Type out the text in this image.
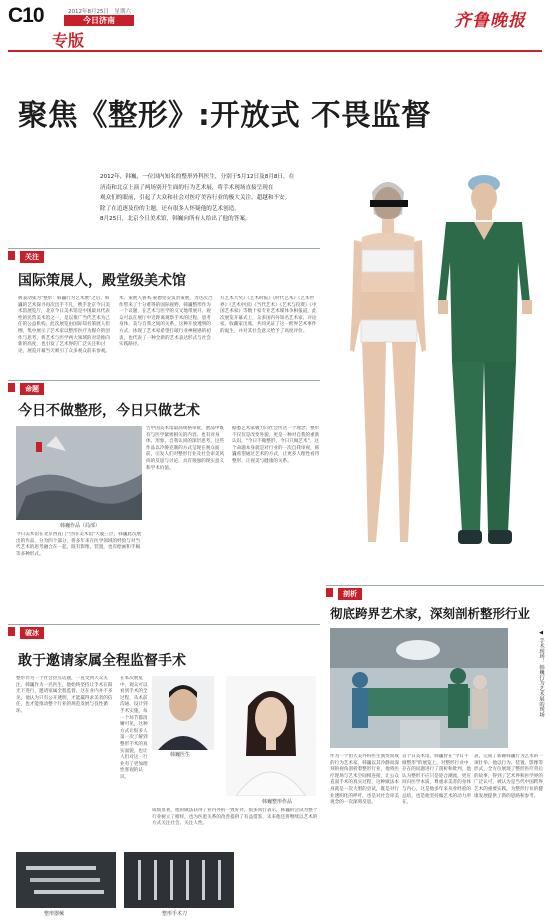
C10	2012年8月25日　星期六
今日济南
专版
齐鲁晚报
聚焦《整形》:开放式 不畏监督
2012年，韩巍，一位国内知名的整形外科医生，分别于5月12日及8月8日，在
济南和北京上演了两场别开生面的行为艺术展，将手术现场直接呈现在
观众们的眼前，引起了大众和社会对医疗美容行业的极大关注、超越和不安。
除了在追逐及份的主题，还有很多人怀疑他的艺术创造。
8月25日，北京今日美术馆，韩巍向所有人给出了他的答案。
关注
国际策展人，殿堂级美术馆
被表动张为"整形：韩巍行为艺术展"之后，韩巍的艺术探寻再次出手不凡，携手北京今日美术馆展览厅，北京今日美术馆是中国最具代表性的民营美术馆之一，是以推广当代艺术为己任的公益机构。此次展览由国际知名策展人担纲，集中展示了艺术家以整形医疗为媒介的创作与思考，将艺术与医学两大领域的对话推向新的高度，也引发了艺术界的广泛关注和讨论，展览开幕当天吸引了众多观众前来参观。
术、策展人鲁本·蒙德里安负责策展，为这次合作带来了十分难得的国际视野，韩巍整形作为一个议题，在艺术与医学的交叉地带展开，观众可以在展厅中近距离观察手术的过程，思考身体、美与自我之间的关系，这种开放透明的方式，体现了艺术家希望打破行业神秘感的初衷，也代表了一种全新的艺术表达形式与社会实践路径。
方艺术大奖》《艺术时报》《时代艺术》《艺术世界》《艺术中国》《当代艺术》《艺术与投资》《中国艺术家》等数十家专业艺术媒体争相报道，此次展览开幕式上，众多国内外知名艺术家、评论家、收藏家出席，共同见证了这一跨界艺术事件的诞生，并对其社会意义给予了高度评价。
命题
今日不做整形，今日只做艺术
韩巍作品（局部）
今日美术馆在北京西直门"空间·美术馆"大厦三层，韩巍此次展出的作品，分为四个部分，将多年来在医学领域的经验与对当代艺术的思考融合在一起，既有影像、装置，也有绘画和手稿等多种形式。
告中国美术馆最高规格审批，展品中既有与医学紧密相关的内容，也有对身体、形象、自我认同的深层思考，这些作品以冷静克制的方式呈现在观众面前，引发人们对整形行业及社会审美风尚的反思与讨论，具有很强的现实意义和学术价值。
据悉艺术家极力向社会传达一个理念，整形不仅仅是改变外貌，更是一种对自我的重新认识，"今日不做整形，今日只做艺术"，这个命题本身就是对行业的一次自我审视，韩巍希望通过艺术的方式，让更多人理性看待整形，正视美与健康的关系。
剖析
彻底跨界艺术家，深刻剖析整形行业
◀ 手术现场：韩巍行为艺术展的现场
作为一个由大美外科医生演变而成的行为艺术家，韩巍以其冷静而深刻的视角剖析着整形行业，他将医疗现场与艺术空间相连接，让公众直面手术的真实过程，这种做法本身就是一次大胆的尝试，既是对行业透明化的呼吁，也是对社会审美观念的一次深刻反思。
首个日美术馆，韩巍曾在"今日不做整形"的展览上，对整形行业中存在的问题进行了剖析和批判，他认为整形不应只是迎合潮流，更应回归医学本质，尊重求美者的身体与内心，这是他多年来从业经验的总结，也是他坚持做艺术的动力所在。
表，完成了新颖韩巍行为艺术的一项壮举，他以行为、装置、影像等形式，全方位展现了整形医疗背后的故事，得到了艺术界和医学界的广泛认可，被认为是当代中国跨界艺术的重要实践，为整形行业的健康发展提供了新的思路和参考。
破冰
敢于邀请家属全程监督手术
整形作为一个社会热点话题，一直受到大众关注，韩巍作为一名医生，他始终坚持让手术在阳光下进行，邀请家属全程监督，这在业内并不多见，他认为只有公开透明，才能赢得求美者的信任，也才能推动整个行业的规范发展与良性循环。
在本次展览中，观众可以看到手术的全过程，从术前沟通、设计到手术实施，每一个环节都清晰可见，这种方式让很多人第一次了解到整形手术的真实面貌，也让人们对这一行业有了更加理性客观的认识。
韩巍医生
韩巍整形作品
成绩显著，他的做法获得了业内外的一致好评，很多同行表示，韩巍的尝试为整个行业树立了榜样，也为医患关系的改善提供了有益借鉴，未来他还将继续以艺术的方式关注社会、关注人性。
整形器械	整形手术刀
